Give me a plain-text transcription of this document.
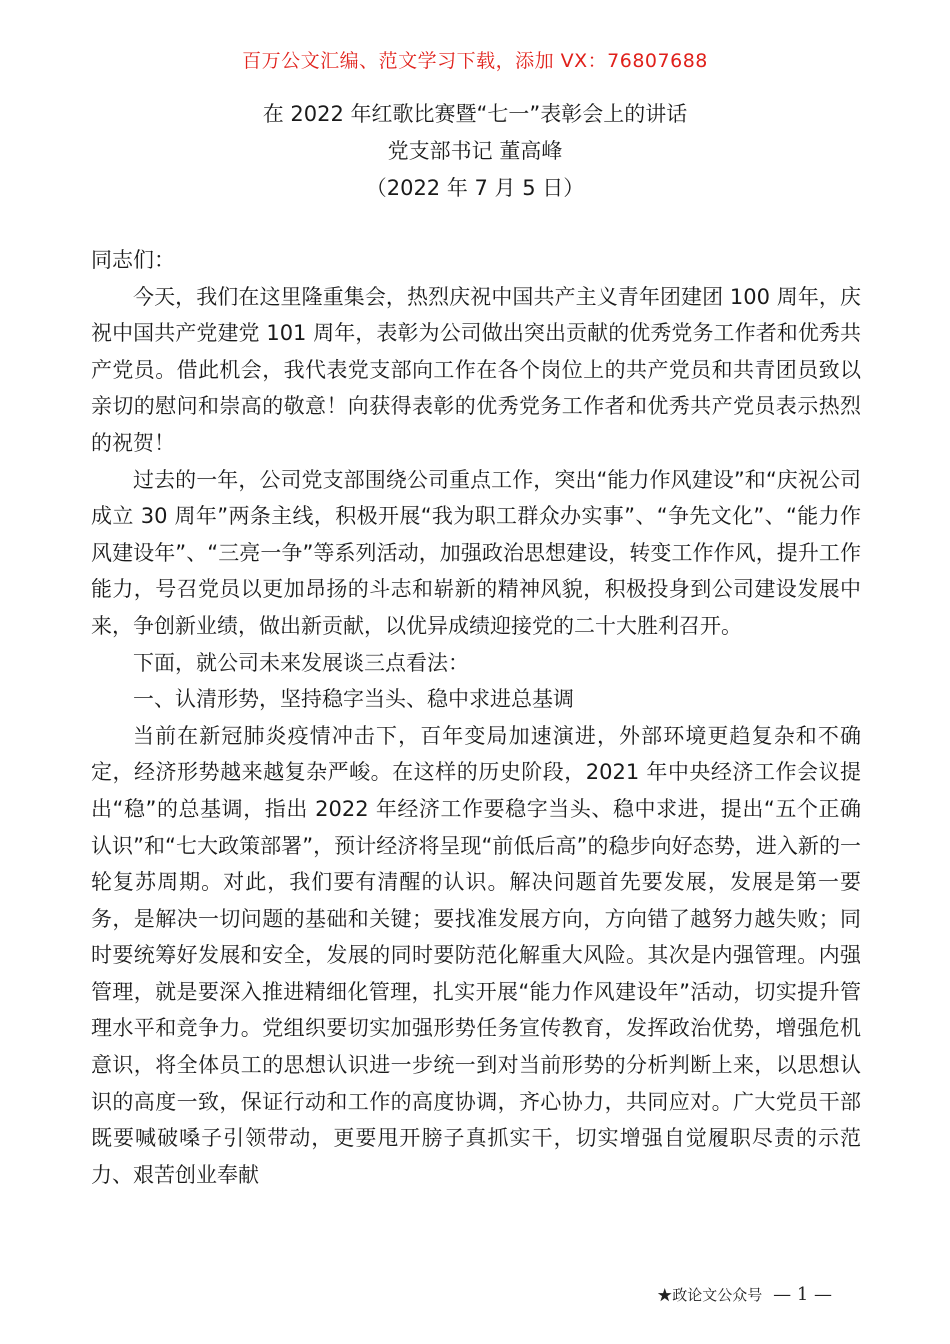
百万公文汇编、范文学习下载，添加 VX：76807688
在 2022 年红歌比赛暨“七一”表彰会上的讲话
党支部书记 董高峰
（2022 年 7 月 5 日）

同志们：

今天，我们在这里隆重集会，热烈庆祝中国共产主义青年团建团 100 周年，庆祝中国共产党建党 101 周年，表彰为公司做出突出贡献的优秀党务工作者和优秀共产党员。借此机会，我代表党支部向工作在各个岗位上的共产党员和共青团员致以亲切的慰问和崇高的敬意！向获得表彰的优秀党务工作者和优秀共产党员表示热烈的祝贺！

过去的一年，公司党支部围绕公司重点工作，突出“能力作风建设”和“庆祝公司成立 30 周年”两条主线，积极开展“我为职工群众办实事”、“争先文化”、“能力作风建设年”、“三亮一争”等系列活动，加强政治思想建设，转变工作作风，提升工作能力，号召党员以更加昂扬的斗志和崭新的精神风貌，积极投身到公司建设发展中来，争创新业绩，做出新贡献，以优异成绩迎接党的二十大胜利召开。

下面，就公司未来发展谈三点看法：

一、认清形势，坚持稳字当头、稳中求进总基调

当前在新冠肺炎疫情冲击下，百年变局加速演进，外部环境更趋复杂和不确定，经济形势越来越复杂严峻。在这样的历史阶段，2021 年中央经济工作会议提出“稳”的总基调，指出 2022 年经济工作要稳字当头、稳中求进，提出“五个正确认识”和“七大政策部署”，预计经济将呈现“前低后高”的稳步向好态势，进入新的一轮复苏周期。对此，我们要有清醒的认识。解决问题首先要发展，发展是第一要务，是解决一切问题的基础和关键；要找准发展方向，方向错了越努力越失败；同时要统筹好发展和安全，发展的同时要防范化解重大风险。其次是内强管理。内强管理，就是要深入推进精细化管理，扎实开展“能力作风建设年”活动，切实提升管理水平和竞争力。党组织要切实加强形势任务宣传教育，发挥政治优势，增强危机意识，将全体员工的思想认识进一步统一到对当前形势的分析判断上来，以思想认识的高度一致，保证行动和工作的高度协调，齐心协力，共同应对。广大党员干部既要喊破嗓子引领带动，更要甩开膀子真抓实干，切实增强自觉履职尽责的示范力、艰苦创业奉献

★政论文公众号 — 1 —
